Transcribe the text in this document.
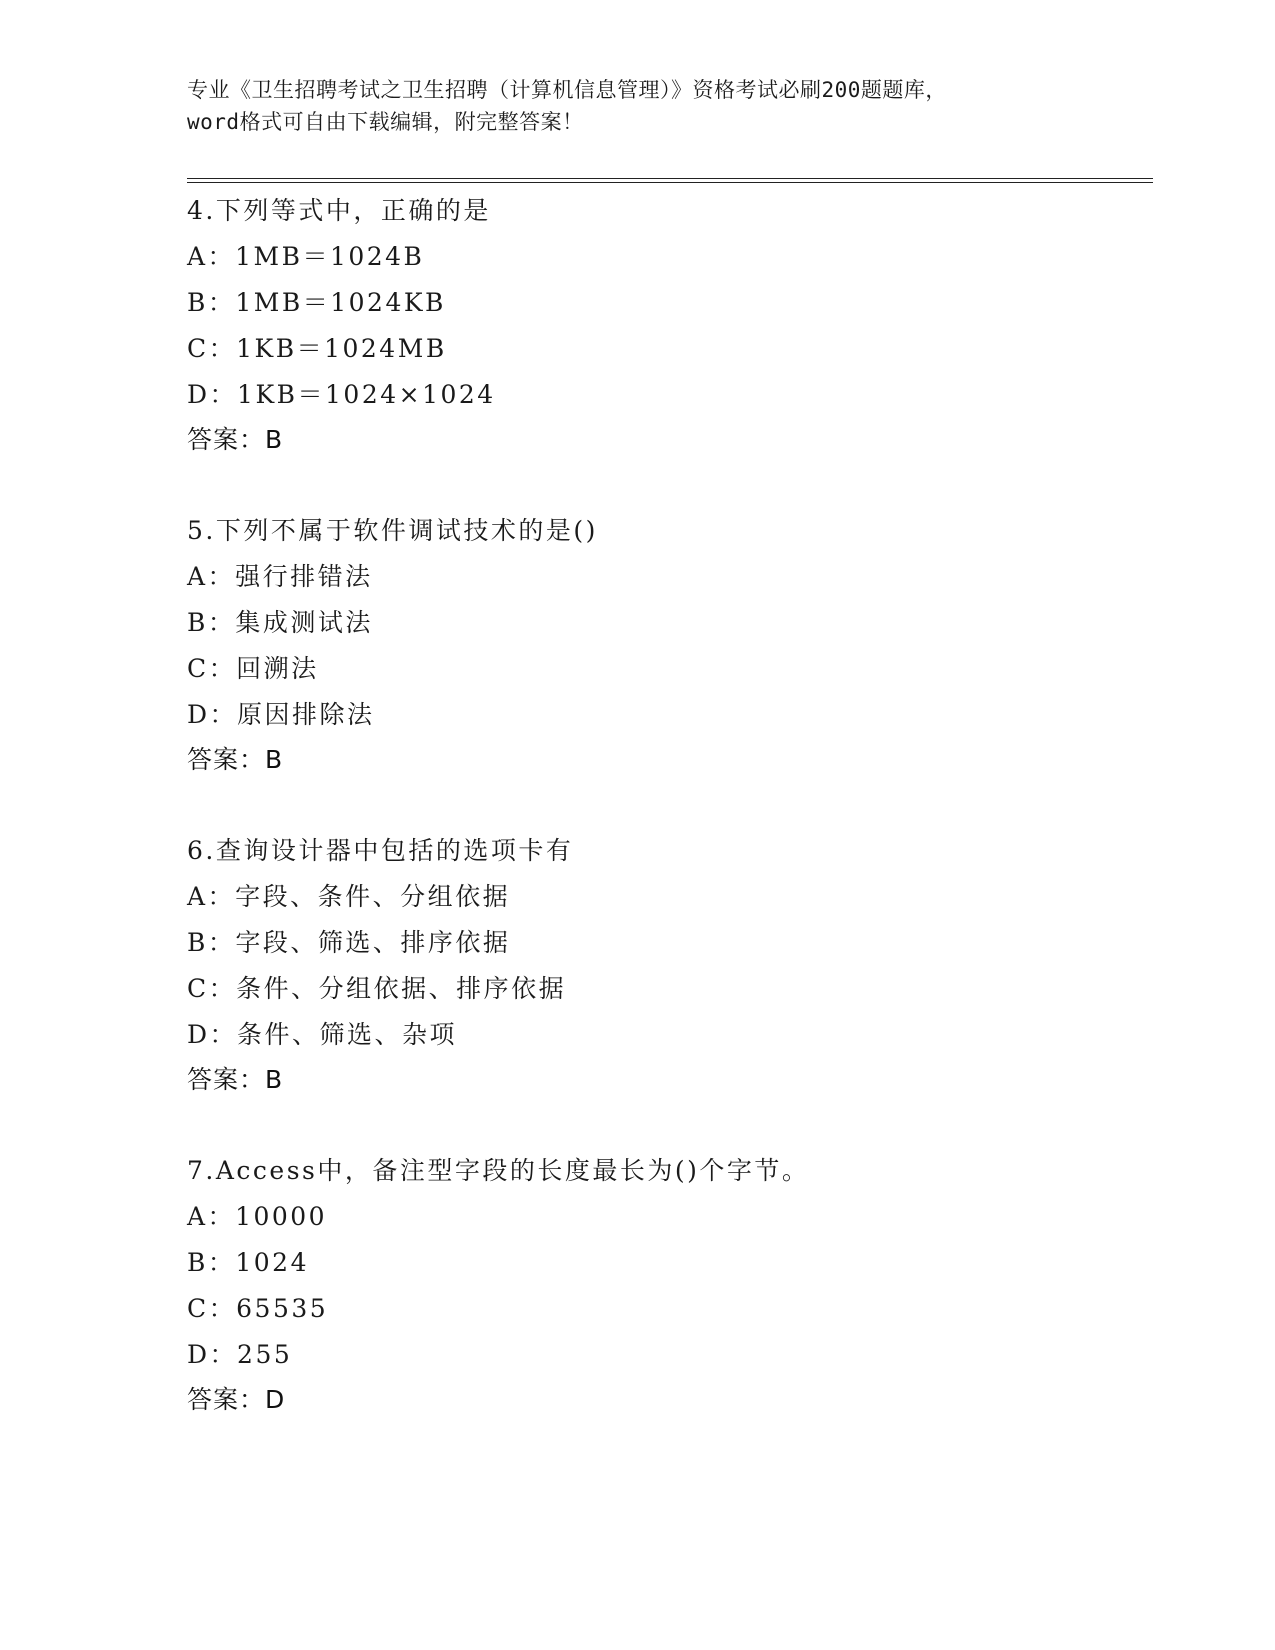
专业《卫生招聘考试之卫生招聘（计算机信息管理）》资格考试必刷200题题库，
word格式可自由下载编辑，附完整答案！
4.下列等式中，正确的是
A：1MB＝1024B
B：1MB＝1024KB
C：1KB＝1024MB
D：1KB＝1024×1024
答案：B
5.下列不属于软件调试技术的是()
A：强行排错法
B：集成测试法
C：回溯法
D：原因排除法
答案：B
6.查询设计器中包括的选项卡有
A：字段、条件、分组依据
B：字段、筛选、排序依据
C：条件、分组依据、排序依据
D：条件、筛选、杂项
答案：B
7.Access中，备注型字段的长度最长为()个字节。
A：10000
B：1024
C：65535
D：255
答案：D
